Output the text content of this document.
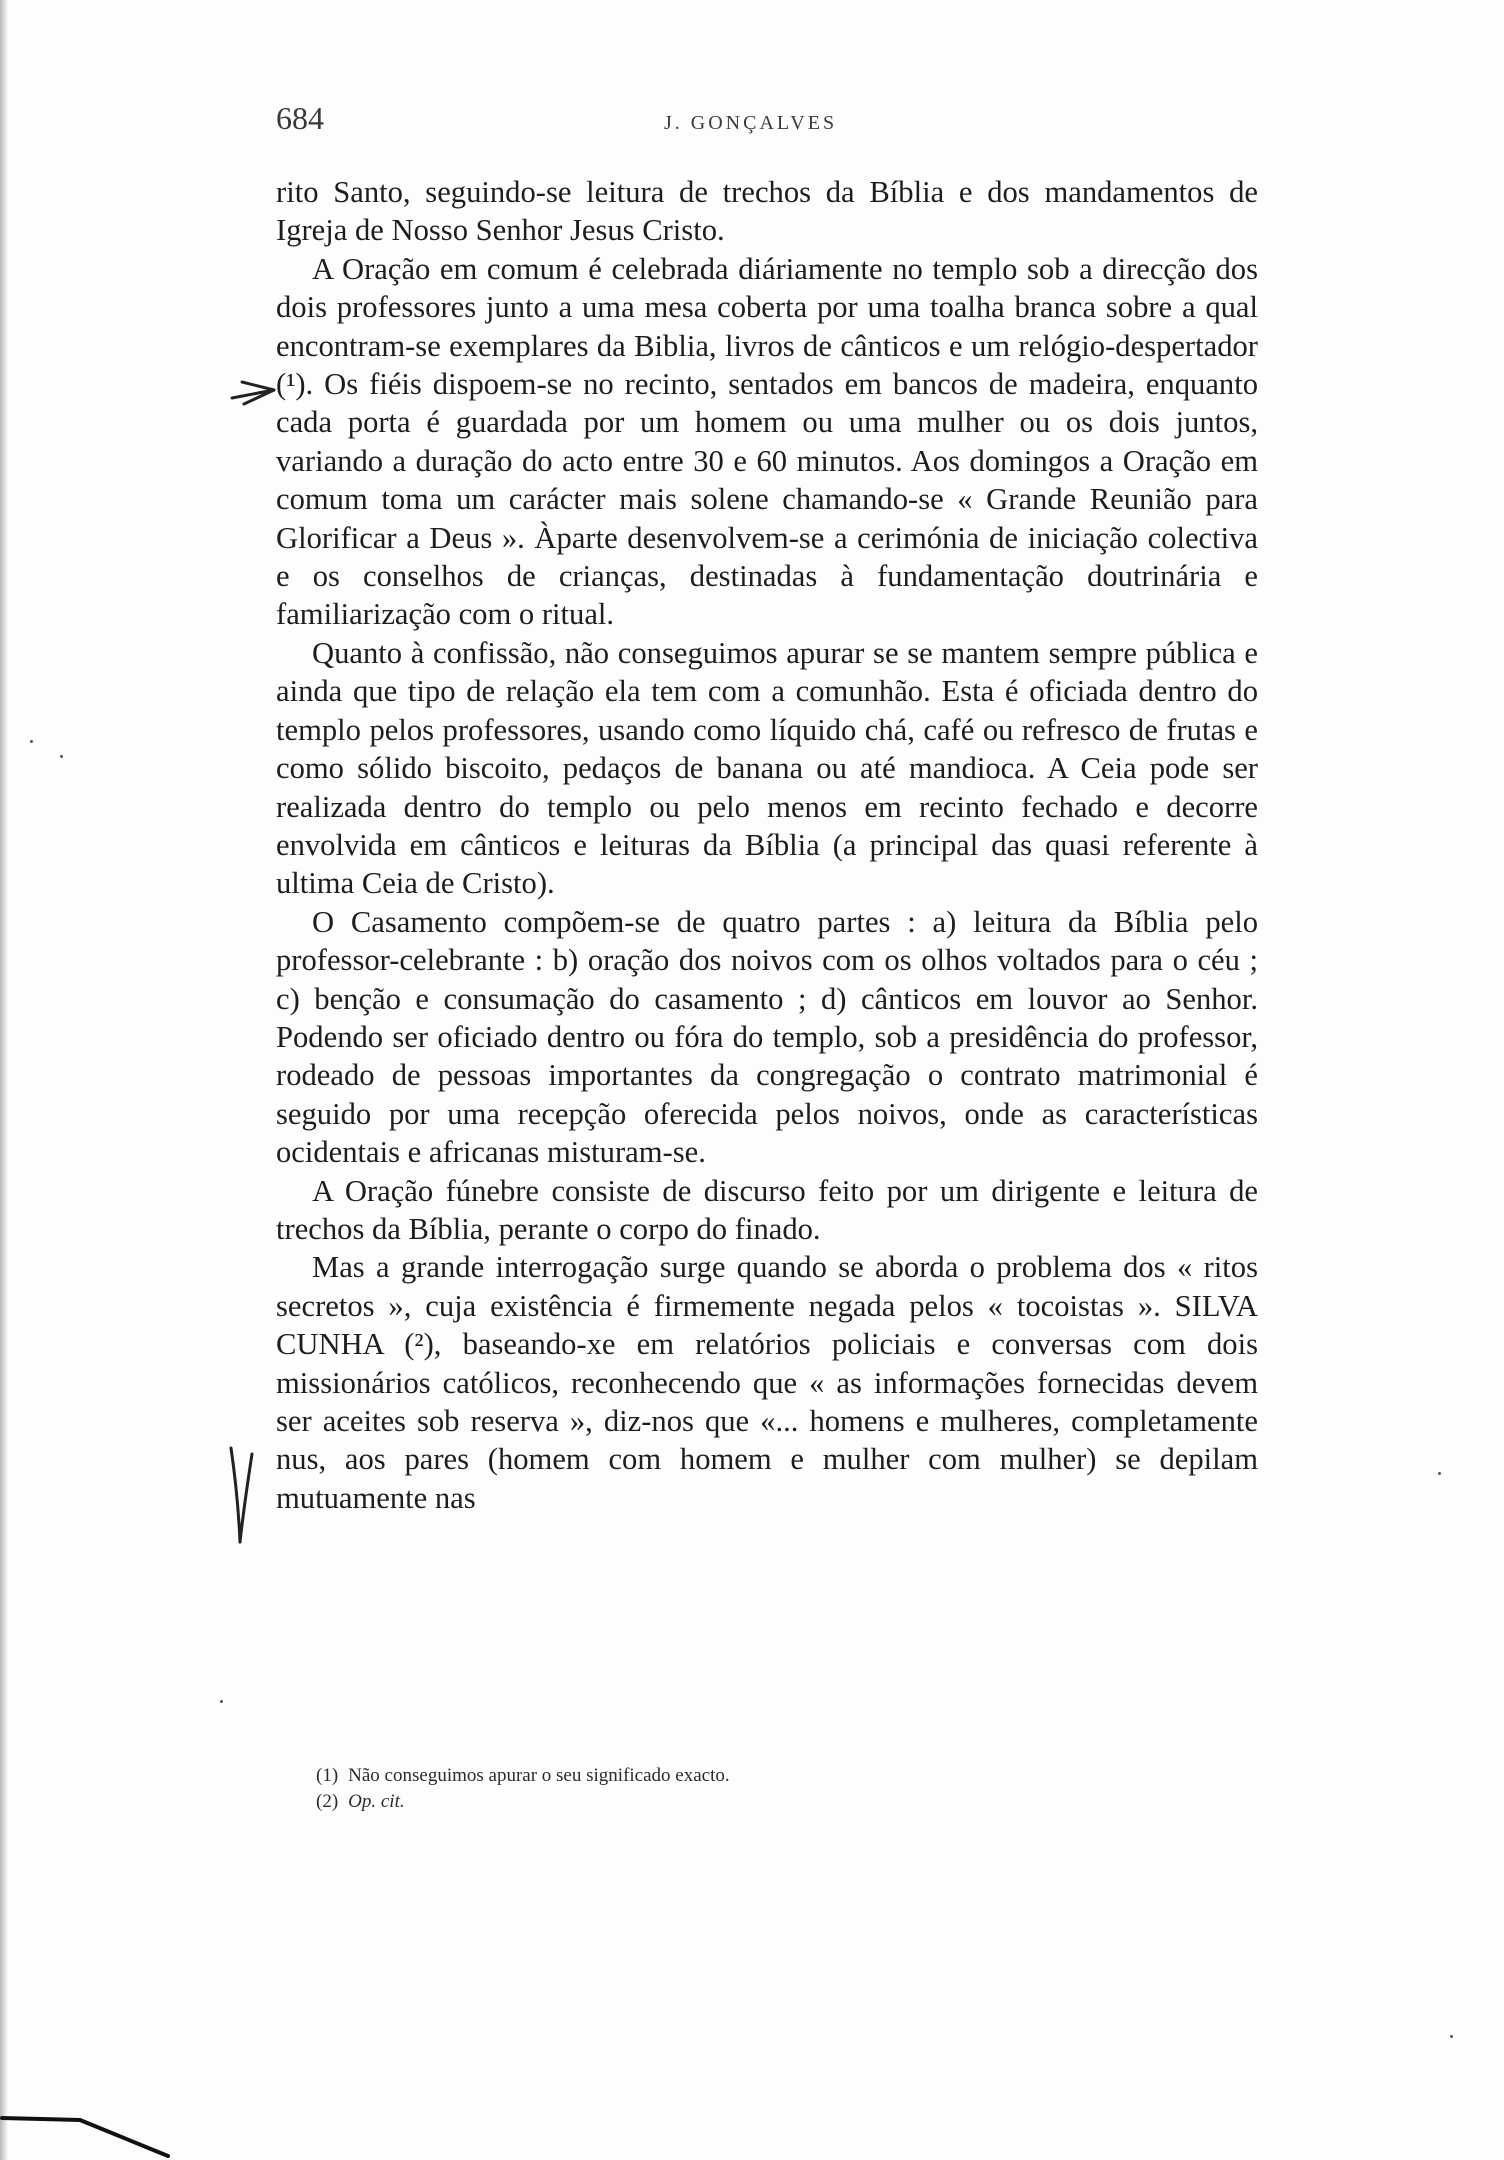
684	J. GONÇALVES

rito Santo, seguindo-se leitura de trechos da Bíblia e dos mandamentos de Igreja de Nosso Senhor Jesus Cristo.

A Oração em comum é celebrada diáriamente no templo sob a direcção dos dois professores junto a uma mesa coberta por uma toalha branca sobre a qual encontram-se exemplares da Biblia, livros de cânticos e um relógio-despertador (¹). Os fiéis dispoem-se no recinto, sentados em bancos de madeira, enquanto cada porta é guardada por um homem ou uma mulher ou os dois juntos, variando a duração do acto entre 30 e 60 minutos. Aos domingos a Oração em comum toma um carácter mais solene chamando-se « Grande Reunião para Glorificar a Deus ». Àparte desenvolvem-se a cerimónia de iniciação colectiva e os conselhos de crianças, destinadas à fundamentação doutrinária e familiarização com o ritual.

Quanto à confissão, não conseguimos apurar se se mantem sempre pública e ainda que tipo de relação ela tem com a comunhão. Esta é oficiada dentro do templo pelos professores, usando como líquido chá, café ou refresco de frutas e como sólido biscoito, pedaços de banana ou até mandioca. A Ceia pode ser realizada dentro do templo ou pelo menos em recinto fechado e decorre envolvida em cânticos e leituras da Bíblia (a principal das quasi referente à ultima Ceia de Cristo).

O Casamento compõem-se de quatro partes : a) leitura da Bíblia pelo professor-celebrante : b) oração dos noivos com os olhos voltados para o céu ; c) benção e consumação do casamento ; d) cânticos em louvor ao Senhor. Podendo ser oficiado dentro ou fóra do templo, sob a presidência do professor, rodeado de pessoas importantes da congregação o contrato matrimonial é seguido por uma recepção oferecida pelos noivos, onde as características ocidentais e africanas misturam-se.

A Oração fúnebre consiste de discurso feito por um dirigente e leitura de trechos da Bíblia, perante o corpo do finado.

Mas a grande interrogação surge quando se aborda o problema dos « ritos secretos », cuja existência é firmemente negada pelos « tocoistas ». SILVA CUNHA (²), baseando-xe em relatórios policiais e conversas com dois missionários católicos, reconhecendo que « as informações fornecidas devem ser aceites sob reserva », diz-nos que «... homens e mulheres, completamente nus, aos pares (homem com homem e mulher com mulher) se depilam mutuamente nas

(1) Não conseguimos apurar o seu significado exacto.

(2) Op. cit.
